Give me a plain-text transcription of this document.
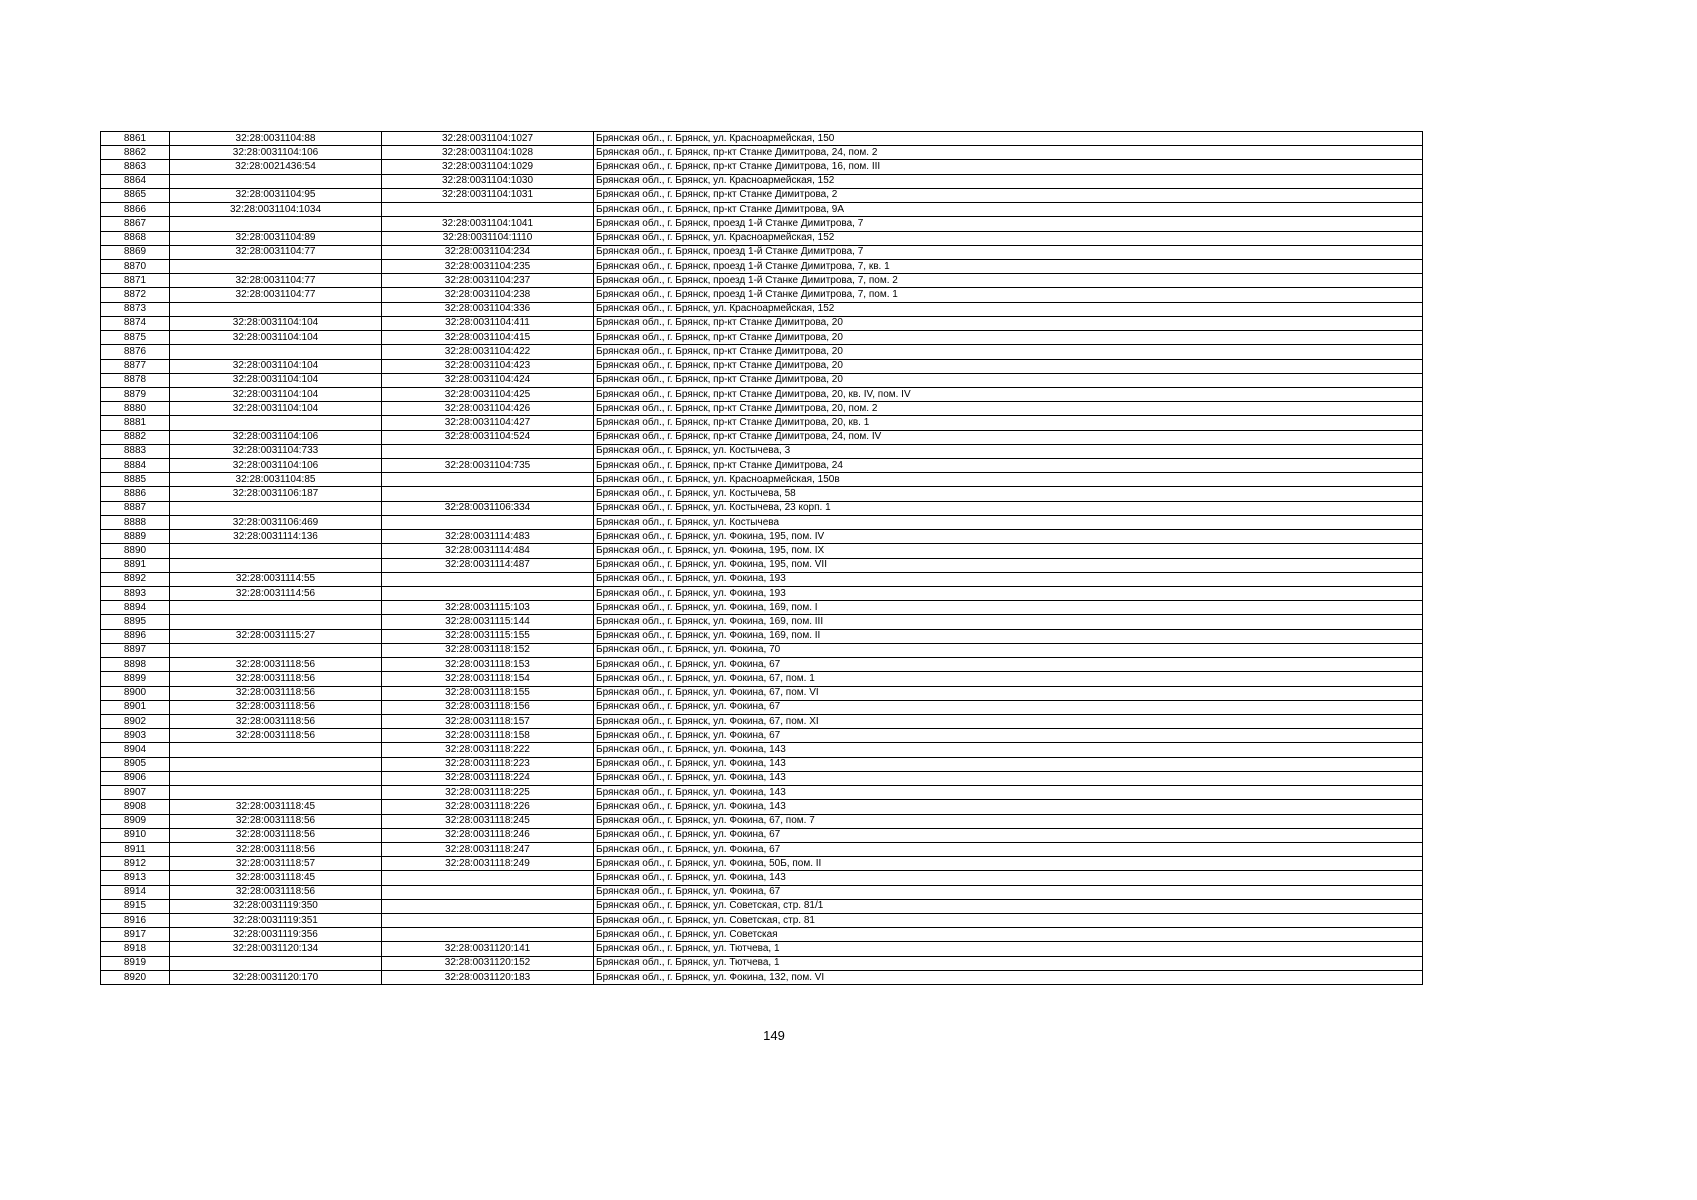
8861	32:28:0031104:88	32:28:0031104:1027	Брянская обл., г. Брянск, ул. Красноармейская, 150
8862	32:28:0031104:106	32:28:0031104:1028	Брянская обл., г. Брянск, пр-кт Станке Димитрова, 24, пом. 2
8863	32:28:0021436:54	32:28:0031104:1029	Брянская обл., г. Брянск, пр-кт Станке Димитрова, 16, пом. III
8864		32:28:0031104:1030	Брянская обл., г. Брянск, ул. Красноармейская, 152
8865	32:28:0031104:95	32:28:0031104:1031	Брянская обл., г. Брянск, пр-кт Станке Димитрова, 2
8866	32:28:0031104:1034		Брянская обл., г. Брянск, пр-кт Станке Димитрова, 9А
8867		32:28:0031104:1041	Брянская обл., г. Брянск, проезд 1-й Станке Димитрова, 7
8868	32:28:0031104:89	32:28:0031104:1110	Брянская обл., г. Брянск, ул. Красноармейская, 152
8869	32:28:0031104:77	32:28:0031104:234	Брянская обл., г. Брянск, проезд 1-й Станке Димитрова, 7
8870		32:28:0031104:235	Брянская обл., г. Брянск, проезд 1-й Станке Димитрова, 7, кв. 1
8871	32:28:0031104:77	32:28:0031104:237	Брянская обл., г. Брянск, проезд 1-й Станке Димитрова, 7, пом. 2
8872	32:28:0031104:77	32:28:0031104:238	Брянская обл., г. Брянск, проезд 1-й Станке Димитрова, 7, пом. 1
8873		32:28:0031104:336	Брянская обл., г. Брянск, ул. Красноармейская, 152
8874	32:28:0031104:104	32:28:0031104:411	Брянская обл., г. Брянск, пр-кт Станке Димитрова, 20
8875	32:28:0031104:104	32:28:0031104:415	Брянская обл., г. Брянск, пр-кт Станке Димитрова, 20
8876		32:28:0031104:422	Брянская обл., г. Брянск, пр-кт Станке Димитрова, 20
8877	32:28:0031104:104	32:28:0031104:423	Брянская обл., г. Брянск, пр-кт Станке Димитрова, 20
8878	32:28:0031104:104	32:28:0031104:424	Брянская обл., г. Брянск, пр-кт Станке Димитрова, 20
8879	32:28:0031104:104	32:28:0031104:425	Брянская обл., г. Брянск, пр-кт Станке Димитрова, 20, кв. IV, пом. IV
8880	32:28:0031104:104	32:28:0031104:426	Брянская обл., г. Брянск, пр-кт Станке Димитрова, 20, пом. 2
8881		32:28:0031104:427	Брянская обл., г. Брянск, пр-кт Станке Димитрова, 20, кв. 1
8882	32:28:0031104:106	32:28:0031104:524	Брянская обл., г. Брянск, пр-кт Станке Димитрова, 24, пом. IV
8883	32:28:0031104:733		Брянская обл., г. Брянск, ул. Костычева, 3
8884	32:28:0031104:106	32:28:0031104:735	Брянская обл., г. Брянск, пр-кт Станке Димитрова, 24
8885	32:28:0031104:85		Брянская обл., г. Брянск, ул. Красноармейская, 150в
8886	32:28:0031106:187		Брянская обл., г. Брянск, ул. Костычева, 58
8887		32:28:0031106:334	Брянская обл., г. Брянск, ул. Костычева, 23 корп. 1
8888	32:28:0031106:469		Брянская обл., г. Брянск, ул. Костычева
8889	32:28:0031114:136	32:28:0031114:483	Брянская обл., г. Брянск, ул. Фокина, 195, пом. IV
8890		32:28:0031114:484	Брянская обл., г. Брянск, ул. Фокина, 195, пом. IX
8891		32:28:0031114:487	Брянская обл., г. Брянск, ул. Фокина, 195, пом. VII
8892	32:28:0031114:55		Брянская обл., г. Брянск, ул. Фокина, 193
8893	32:28:0031114:56		Брянская обл., г. Брянск, ул. Фокина, 193
8894		32:28:0031115:103	Брянская обл., г. Брянск, ул. Фокина, 169, пом. I
8895		32:28:0031115:144	Брянская обл., г. Брянск, ул. Фокина, 169, пом. III
8896	32:28:0031115:27	32:28:0031115:155	Брянская обл., г. Брянск, ул. Фокина, 169, пом. II
8897		32:28:0031118:152	Брянская обл., г. Брянск, ул. Фокина, 70
8898	32:28:0031118:56	32:28:0031118:153	Брянская обл., г. Брянск, ул. Фокина, 67
8899	32:28:0031118:56	32:28:0031118:154	Брянская обл., г. Брянск, ул. Фокина, 67, пом. 1
8900	32:28:0031118:56	32:28:0031118:155	Брянская обл., г. Брянск, ул. Фокина, 67, пом. VI
8901	32:28:0031118:56	32:28:0031118:156	Брянская обл., г. Брянск, ул. Фокина, 67
8902	32:28:0031118:56	32:28:0031118:157	Брянская обл., г. Брянск, ул. Фокина, 67, пом. XI
8903	32:28:0031118:56	32:28:0031118:158	Брянская обл., г. Брянск, ул. Фокина, 67
8904		32:28:0031118:222	Брянская обл., г. Брянск, ул. Фокина, 143
8905		32:28:0031118:223	Брянская обл., г. Брянск, ул. Фокина, 143
8906		32:28:0031118:224	Брянская обл., г. Брянск, ул. Фокина, 143
8907		32:28:0031118:225	Брянская обл., г. Брянск, ул. Фокина, 143
8908	32:28:0031118:45	32:28:0031118:226	Брянская обл., г. Брянск, ул. Фокина, 143
8909	32:28:0031118:56	32:28:0031118:245	Брянская обл., г. Брянск, ул. Фокина, 67, пом. 7
8910	32:28:0031118:56	32:28:0031118:246	Брянская обл., г. Брянск, ул. Фокина, 67
8911	32:28:0031118:56	32:28:0031118:247	Брянская обл., г. Брянск, ул. Фокина, 67
8912	32:28:0031118:57	32:28:0031118:249	Брянская обл., г. Брянск, ул. Фокина, 50Б, пом. II
8913	32:28:0031118:45		Брянская обл., г. Брянск, ул. Фокина, 143
8914	32:28:0031118:56		Брянская обл., г. Брянск, ул. Фокина, 67
8915	32:28:0031119:350		Брянская обл., г. Брянск, ул. Советская, стр. 81/1
8916	32:28:0031119:351		Брянская обл., г. Брянск, ул. Советская, стр. 81
8917	32:28:0031119:356		Брянская обл., г. Брянск, ул. Советская
8918	32:28:0031120:134	32:28:0031120:141	Брянская обл., г. Брянск, ул. Тютчева, 1
8919		32:28:0031120:152	Брянская обл., г. Брянск, ул. Тютчева, 1
8920	32:28:0031120:170	32:28:0031120:183	Брянская обл., г. Брянск, ул. Фокина, 132, пом. VI
149
